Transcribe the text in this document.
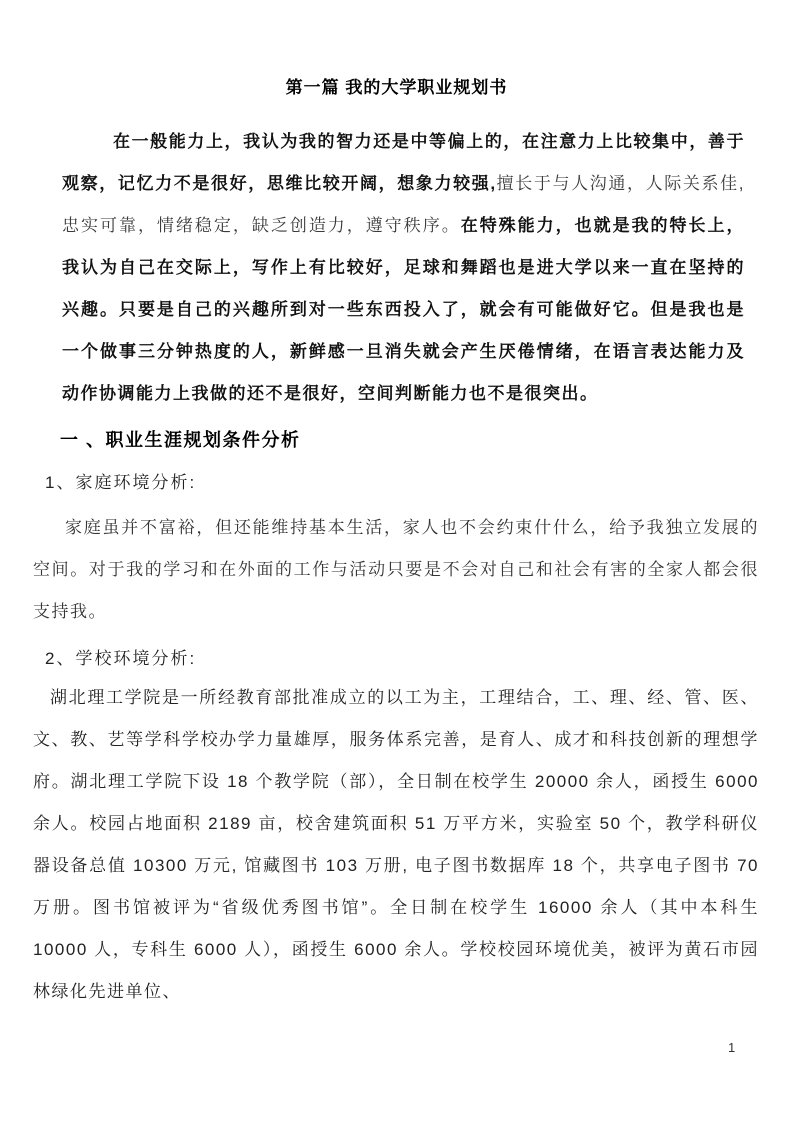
第一篇 我的大学职业规划书

在一般能力上，我认为我的智力还是中等偏上的，在注意力上比较集中，善于观察，记忆力不是很好，思维比较开阔，想象力较强,擅长于与人沟通，人际关系佳, 忠实可靠，情绪稳定，缺乏创造力，遵守秩序。在特殊能力，也就是我的特长上，我认为自己在交际上，写作上有比较好，足球和舞蹈也是进大学以来一直在坚持的兴趣。只要是自己的兴趣所到对一些东西投入了，就会有可能做好它。但是我也是一个做事三分钟热度的人，新鲜感一旦消失就会产生厌倦情绪，在语言表达能力及动作协调能力上我做的还不是很好，空间判断能力也不是很突出。

一 、职业生涯规划条件分析
1、家庭环境分析:

家庭虽并不富裕，但还能维持基本生活，家人也不会约束什什么，给予我独立发展的空间。对于我的学习和在外面的工作与活动只要是不会对自己和社会有害的全家人都会很支持我。

2、学校环境分析:

湖北理工学院是一所经教育部批准成立的以工为主，工理结合，工、理、经、管、医、文、教、艺等学科学校办学力量雄厚，服务体系完善，是育人、成才和科技创新的理想学府。湖北理工学院下设 18 个教学院（部），全日制在校学生 20000 余人，函授生 6000 余人。校园占地面积 2189 亩，校舍建筑面积 51 万平方米，实验室 50 个，教学科研仪器设备总值 10300 万元, 馆藏图书 103 万册, 电子图书数据库 18 个，共享电子图书 70 万册。图书馆被评为“省级优秀图书馆”。全日制在校学生 16000 余人（其中本科生 10000 人，专科生 6000 人），函授生 6000 余人。学校校园环境优美，被评为黄石市园林绿化先进单位、

1
